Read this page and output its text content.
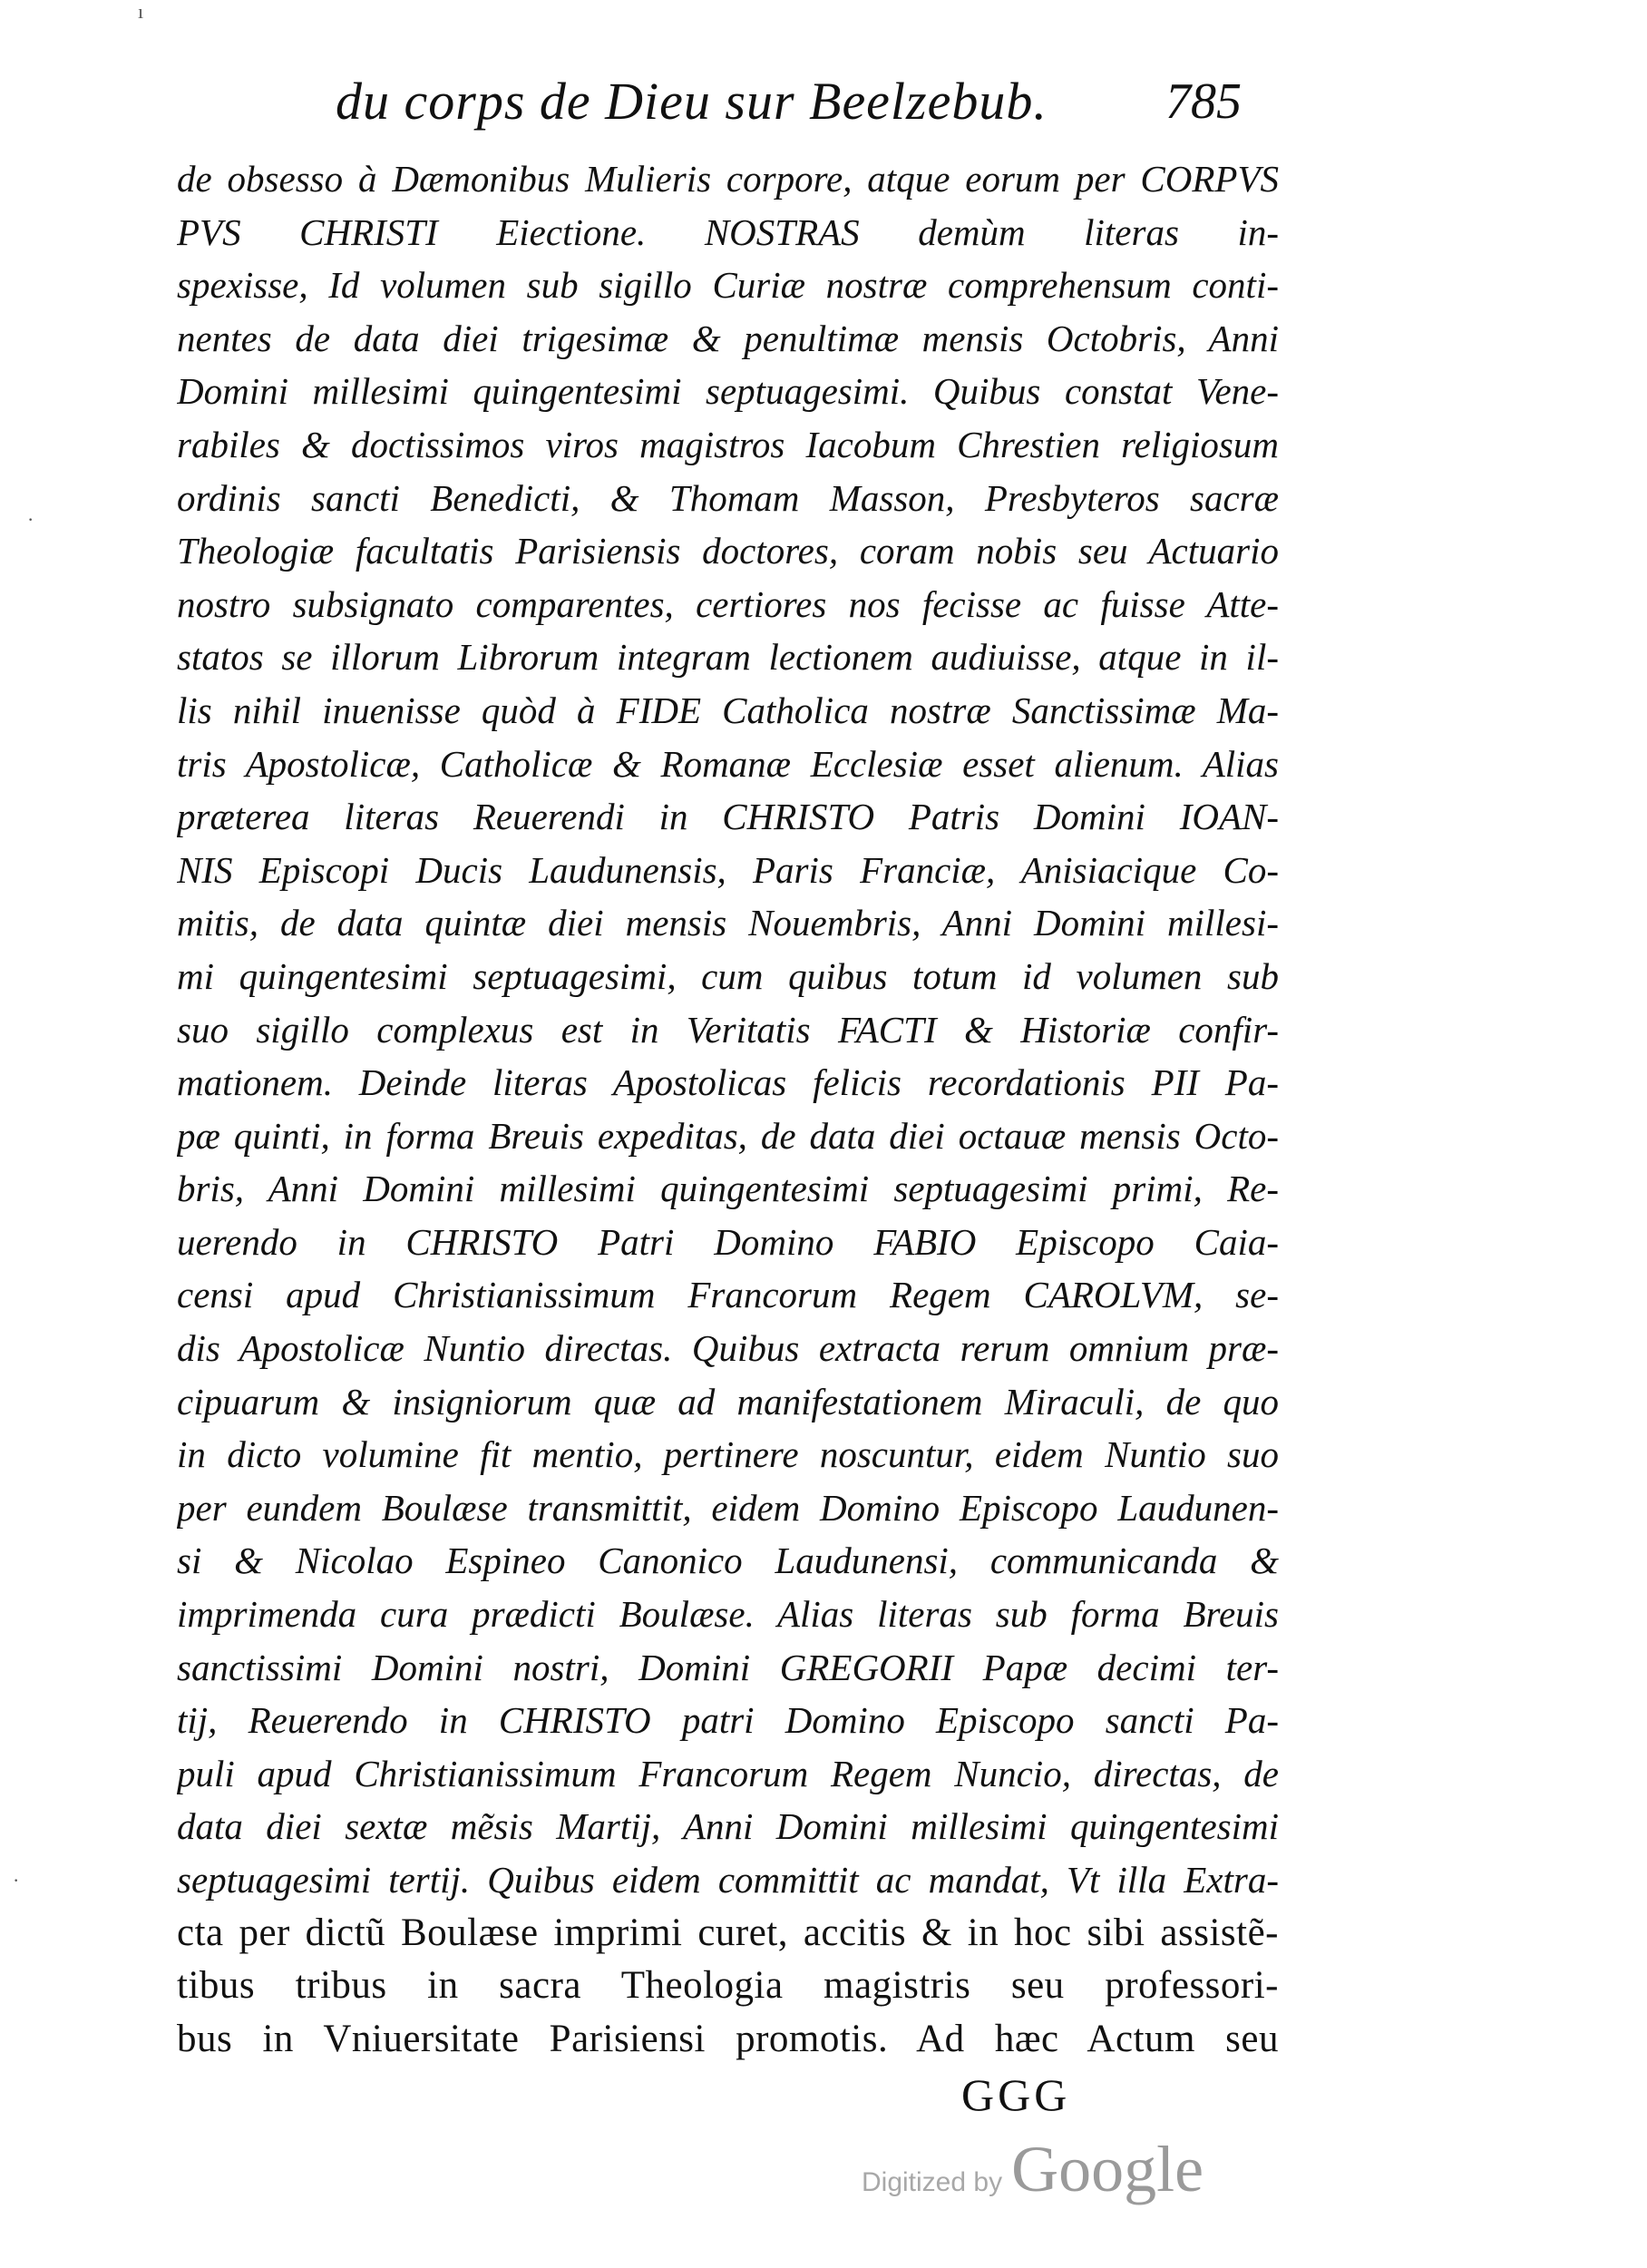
du corps de Dieu sur Beelzebub. 785
de obsesso à Dæmonibus Mulieris corpore, atque eorum per CORPVS
PVS CHRISTI Eiectione. NOSTRAS demùm literas in-
spexisse, Id volumen sub sigillo Curiæ nostræ comprehensum conti-
nentes de data diei trigesimæ & penultimæ mensis Octobris, Anni
Domini millesimi quingentesimi septuagesimi. Quibus constat Vene-
rabiles & doctissimos viros magistros Iacobum Chrestien religiosum
ordinis sancti Benedicti, & Thomam Masson, Presbyteros sacræ
Theologiæ facultatis Parisiensis doctores, coram nobis seu Actuario
nostro subsignato comparentes, certiores nos fecisse ac fuisse Atte-
statos se illorum Librorum integram lectionem audiuisse, atque in il-
lis nihil inuenisse quòd à FIDE Catholica nostræ Sanctissimæ Ma-
tris Apostolicæ, Catholicæ & Romanæ Ecclesiæ esset alienum. Alias
præterea literas Reuerendi in CHRISTO Patris Domini IOAN-
NIS Episcopi Ducis Laudunensis, Paris Franciæ, Anisiacique Co-
mitis, de data quintæ diei mensis Nouembris, Anni Domini millesi-
mi quingentesimi septuagesimi, cum quibus totum id volumen sub
suo sigillo complexus est in Veritatis FACTI & Historiæ confir-
mationem. Deinde literas Apostolicas felicis recordationis PII Pa-
pæ quinti, in forma Breuis expeditas, de data diei octauæ mensis Octo-
bris, Anni Domini millesimi quingentesimi septuagesimi primi, Re-
uerendo in CHRISTO Patri Domino FABIO Episcopo Caia-
censi apud Christianissimum Francorum Regem CAROLVM, se-
dis Apostolicæ Nuntio directas. Quibus extracta rerum omnium præ-
cipuarum & insigniorum quæ ad manifestationem Miraculi, de quo
in dicto volumine fit mentio, pertinere noscuntur, eidem Nuntio suo
per eundem Boulæse transmittit, eidem Domino Episcopo Laudunen-
si & Nicolao Espineo Canonico Laudunensi, communicanda &
imprimenda cura prædicti Boulæse. Alias literas sub forma Breuis
sanctissimi Domini nostri, Domini GREGORII Papæ decimi ter-
tij, Reuerendo in CHRISTO patri Domino Episcopo sancti Pa-
puli apud Christianissimum Francorum Regem Nuncio, directas, de
data diei sextæ mẽsis Martij, Anni Domini millesimi quingentesimi
septuagesimi tertij. Quibus eidem committit ac mandat, Vt illa Extra-
cta per dictũ Boulæse imprimi curet, accitis & in hoc sibi assistẽ-
tibus tribus in sacra Theologia magistris seu professori-
bus in Vniuersitate Parisiensi promotis. Ad hæc Actum seu
GGG
Digitized by Google
ı
·
·
